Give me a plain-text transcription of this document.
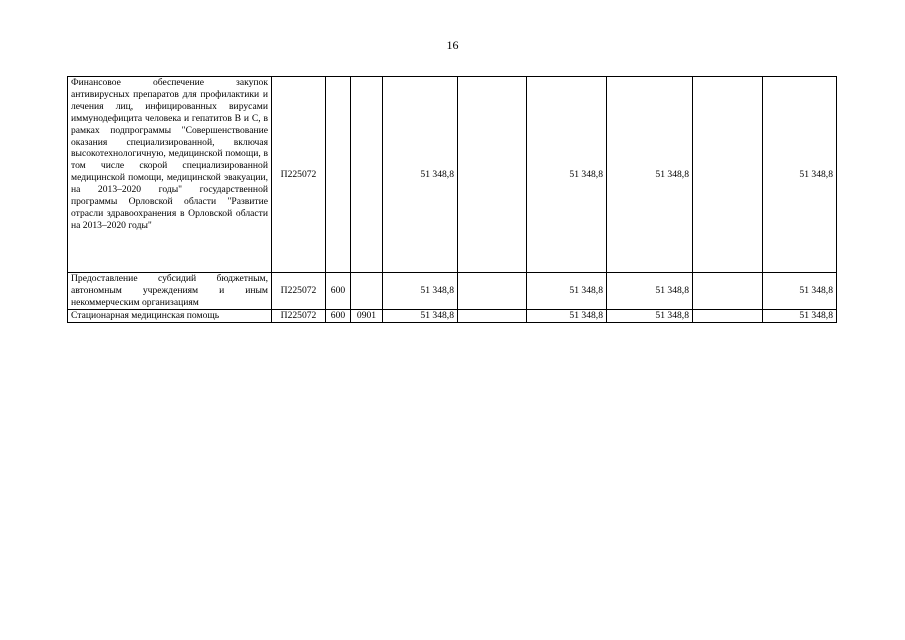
16
Финансовое обеспечение закупок антивирусных препаратов для профилактики и лечения лиц, инфицированных вирусами иммунодефицита человека и гепатитов В и С, в рамках подпрограммы "Совершенствование оказания специализированной, включая высокотехнологичную, медицинской помощи, в том числе скорой специализированной медицинской помощи, медицинской эвакуации, на 2013–2020 годы" государственной программы Орловской области "Развитие отрасли здравоохранения в Орловской области на 2013–2020 годы"	П225072			51 348,8		51 348,8	51 348,8		51 348,8
Предоставление субсидий бюджетным, автономным учреждениям и иным некоммерческим организациям	П225072	600		51 348,8		51 348,8	51 348,8		51 348,8
Стационарная медицинская помощь	П225072	600	0901	51 348,8		51 348,8	51 348,8		51 348,8
